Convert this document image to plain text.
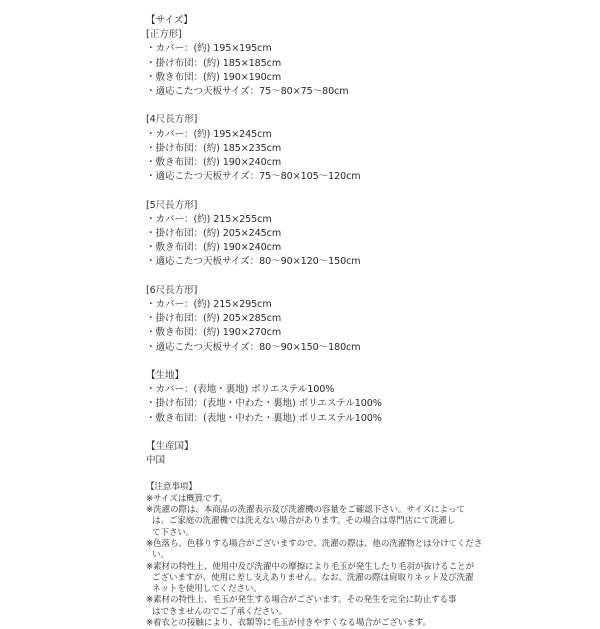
【サイズ】
[正方形]
・カバー：(約) 195×195cm
・掛け布団：(約) 185×185cm
・敷き布団：(約) 190×190cm
・適応こたつ天板サイズ：75〜80×75〜80cm
[4尺長方形]
・カバー：(約) 195×245cm
・掛け布団：(約) 185×235cm
・敷き布団：(約) 190×240cm
・適応こたつ天板サイズ：75〜80×105〜120cm
[5尺長方形]
・カバー：(約) 215×255cm
・掛け布団：(約) 205×245cm
・敷き布団：(約) 190×240cm
・適応こたつ天板サイズ：80〜90×120〜150cm
[6尺長方形]
・カバー：(約) 215×295cm
・掛け布団：(約) 205×285cm
・敷き布団：(約) 190×270cm
・適応こたつ天板サイズ：80〜90×150〜180cm
【生地】
・カバー：(表地・裏地) ポリエステル100%
・掛け布団：(表地・中わた・裏地) ポリエステル100%
・敷き布団：(表地・中わた・裏地) ポリエステル100%
【生産国】
中国
【注意事項】
※サイズは概算です。
※洗濯の際は、本商品の洗濯表示及び洗濯機の容量をご確認下さい。サイズによって
は、ご家庭の洗濯機では洗えない場合があります。その場合は専門店にて洗濯し
て下さい。
※色落ち、色移りする場合がございますので、洗濯の際は、他の洗濯物とは分けてくださ
い。
※素材の特性上、使用中及び洗濯中の摩擦により毛玉が発生したり毛羽が抜けることが
ございますが、使用に差し支えありません。なお、洗濯の際は肩取りネット及び洗濯
ネットを使用してください。
※素材の特性上、毛玉が発生する場合がございます。その発生を完全に防止する事
はできませんのでご了承ください。
※着衣との接触により、衣類等に毛玉が付きやすくなる場合がございます。
